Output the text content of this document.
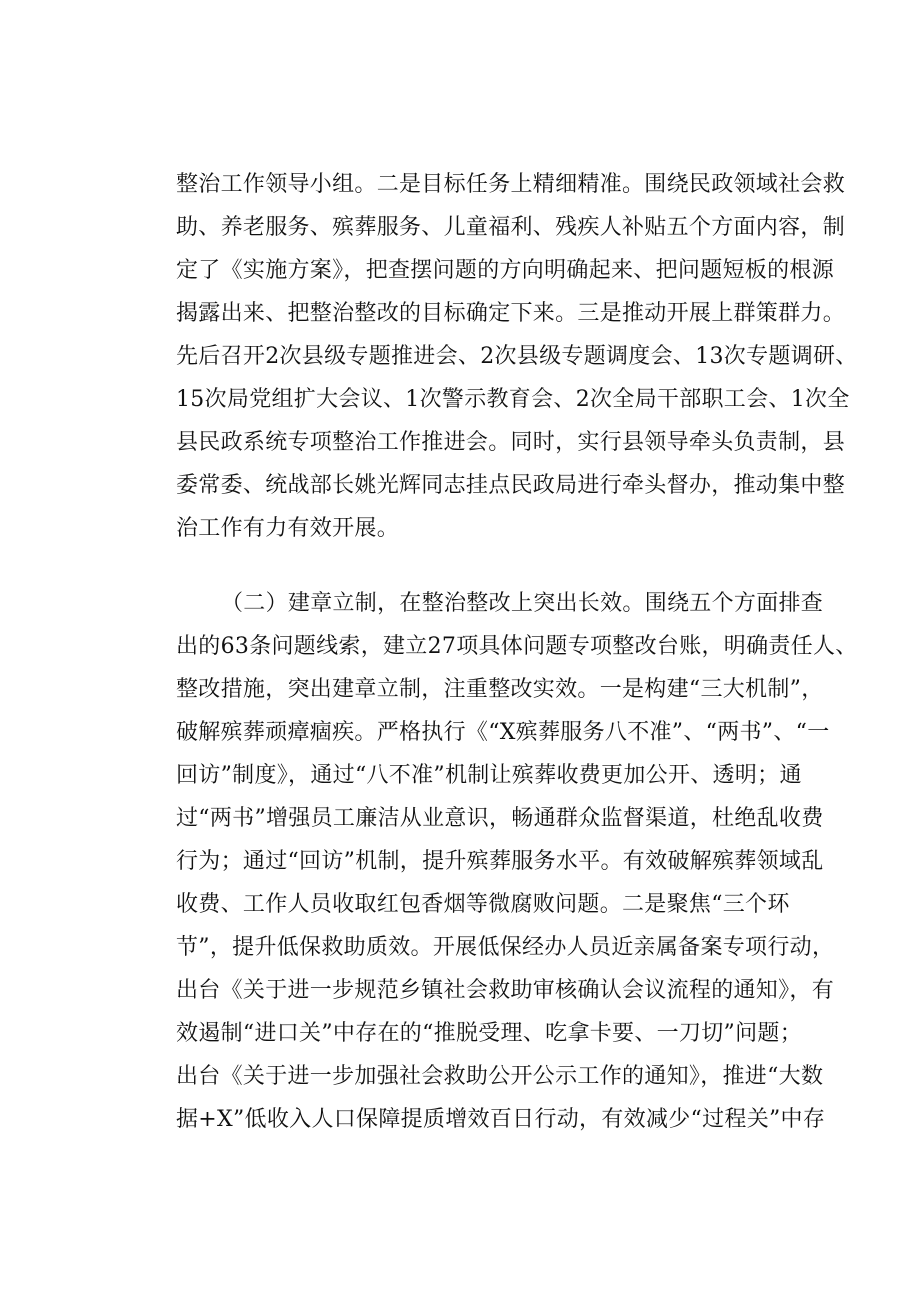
整治工作领导小组。二是目标任务上精细精准。围绕民政领域社会救
助、养老服务、殡葬服务、儿童福利、残疾人补贴五个方面内容，制
定了《实施方案》，把查摆问题的方向明确起来、把问题短板的根源
揭露出来、把整治整改的目标确定下来。三是推动开展上群策群力。
先后召开2次县级专题推进会、2次县级专题调度会、13次专题调研、
15次局党组扩大会议、1次警示教育会、2次全局干部职工会、1次全
县民政系统专项整治工作推进会。同时，实行县领导牵头负责制，县
委常委、统战部长姚光辉同志挂点民政局进行牵头督办，推动集中整
治工作有力有效开展。
（二）建章立制，在整治整改上突出长效。围绕五个方面排查
出的63条问题线索，建立27项具体问题专项整改台账，明确责任人、
整改措施，突出建章立制，注重整改实效。一是构建“三大机制”，
破解殡葬顽瘴痼疾。严格执行《“X殡葬服务八不准”、“两书”、“一
回访”制度》，通过“八不准”机制让殡葬收费更加公开、透明；通
过“两书”增强员工廉洁从业意识，畅通群众监督渠道，杜绝乱收费
行为；通过“回访”机制，提升殡葬服务水平。有效破解殡葬领域乱
收费、工作人员收取红包香烟等微腐败问题。二是聚焦“三个环
节”，提升低保救助质效。开展低保经办人员近亲属备案专项行动，
出台《关于进一步规范乡镇社会救助审核确认会议流程的通知》，有
效遏制“进口关”中存在的“推脱受理、吃拿卡要、一刀切”问题；
出台《关于进一步加强社会救助公开公示工作的通知》，推进“大数
据+X”低收入人口保障提质增效百日行动，有效减少“过程关”中存
